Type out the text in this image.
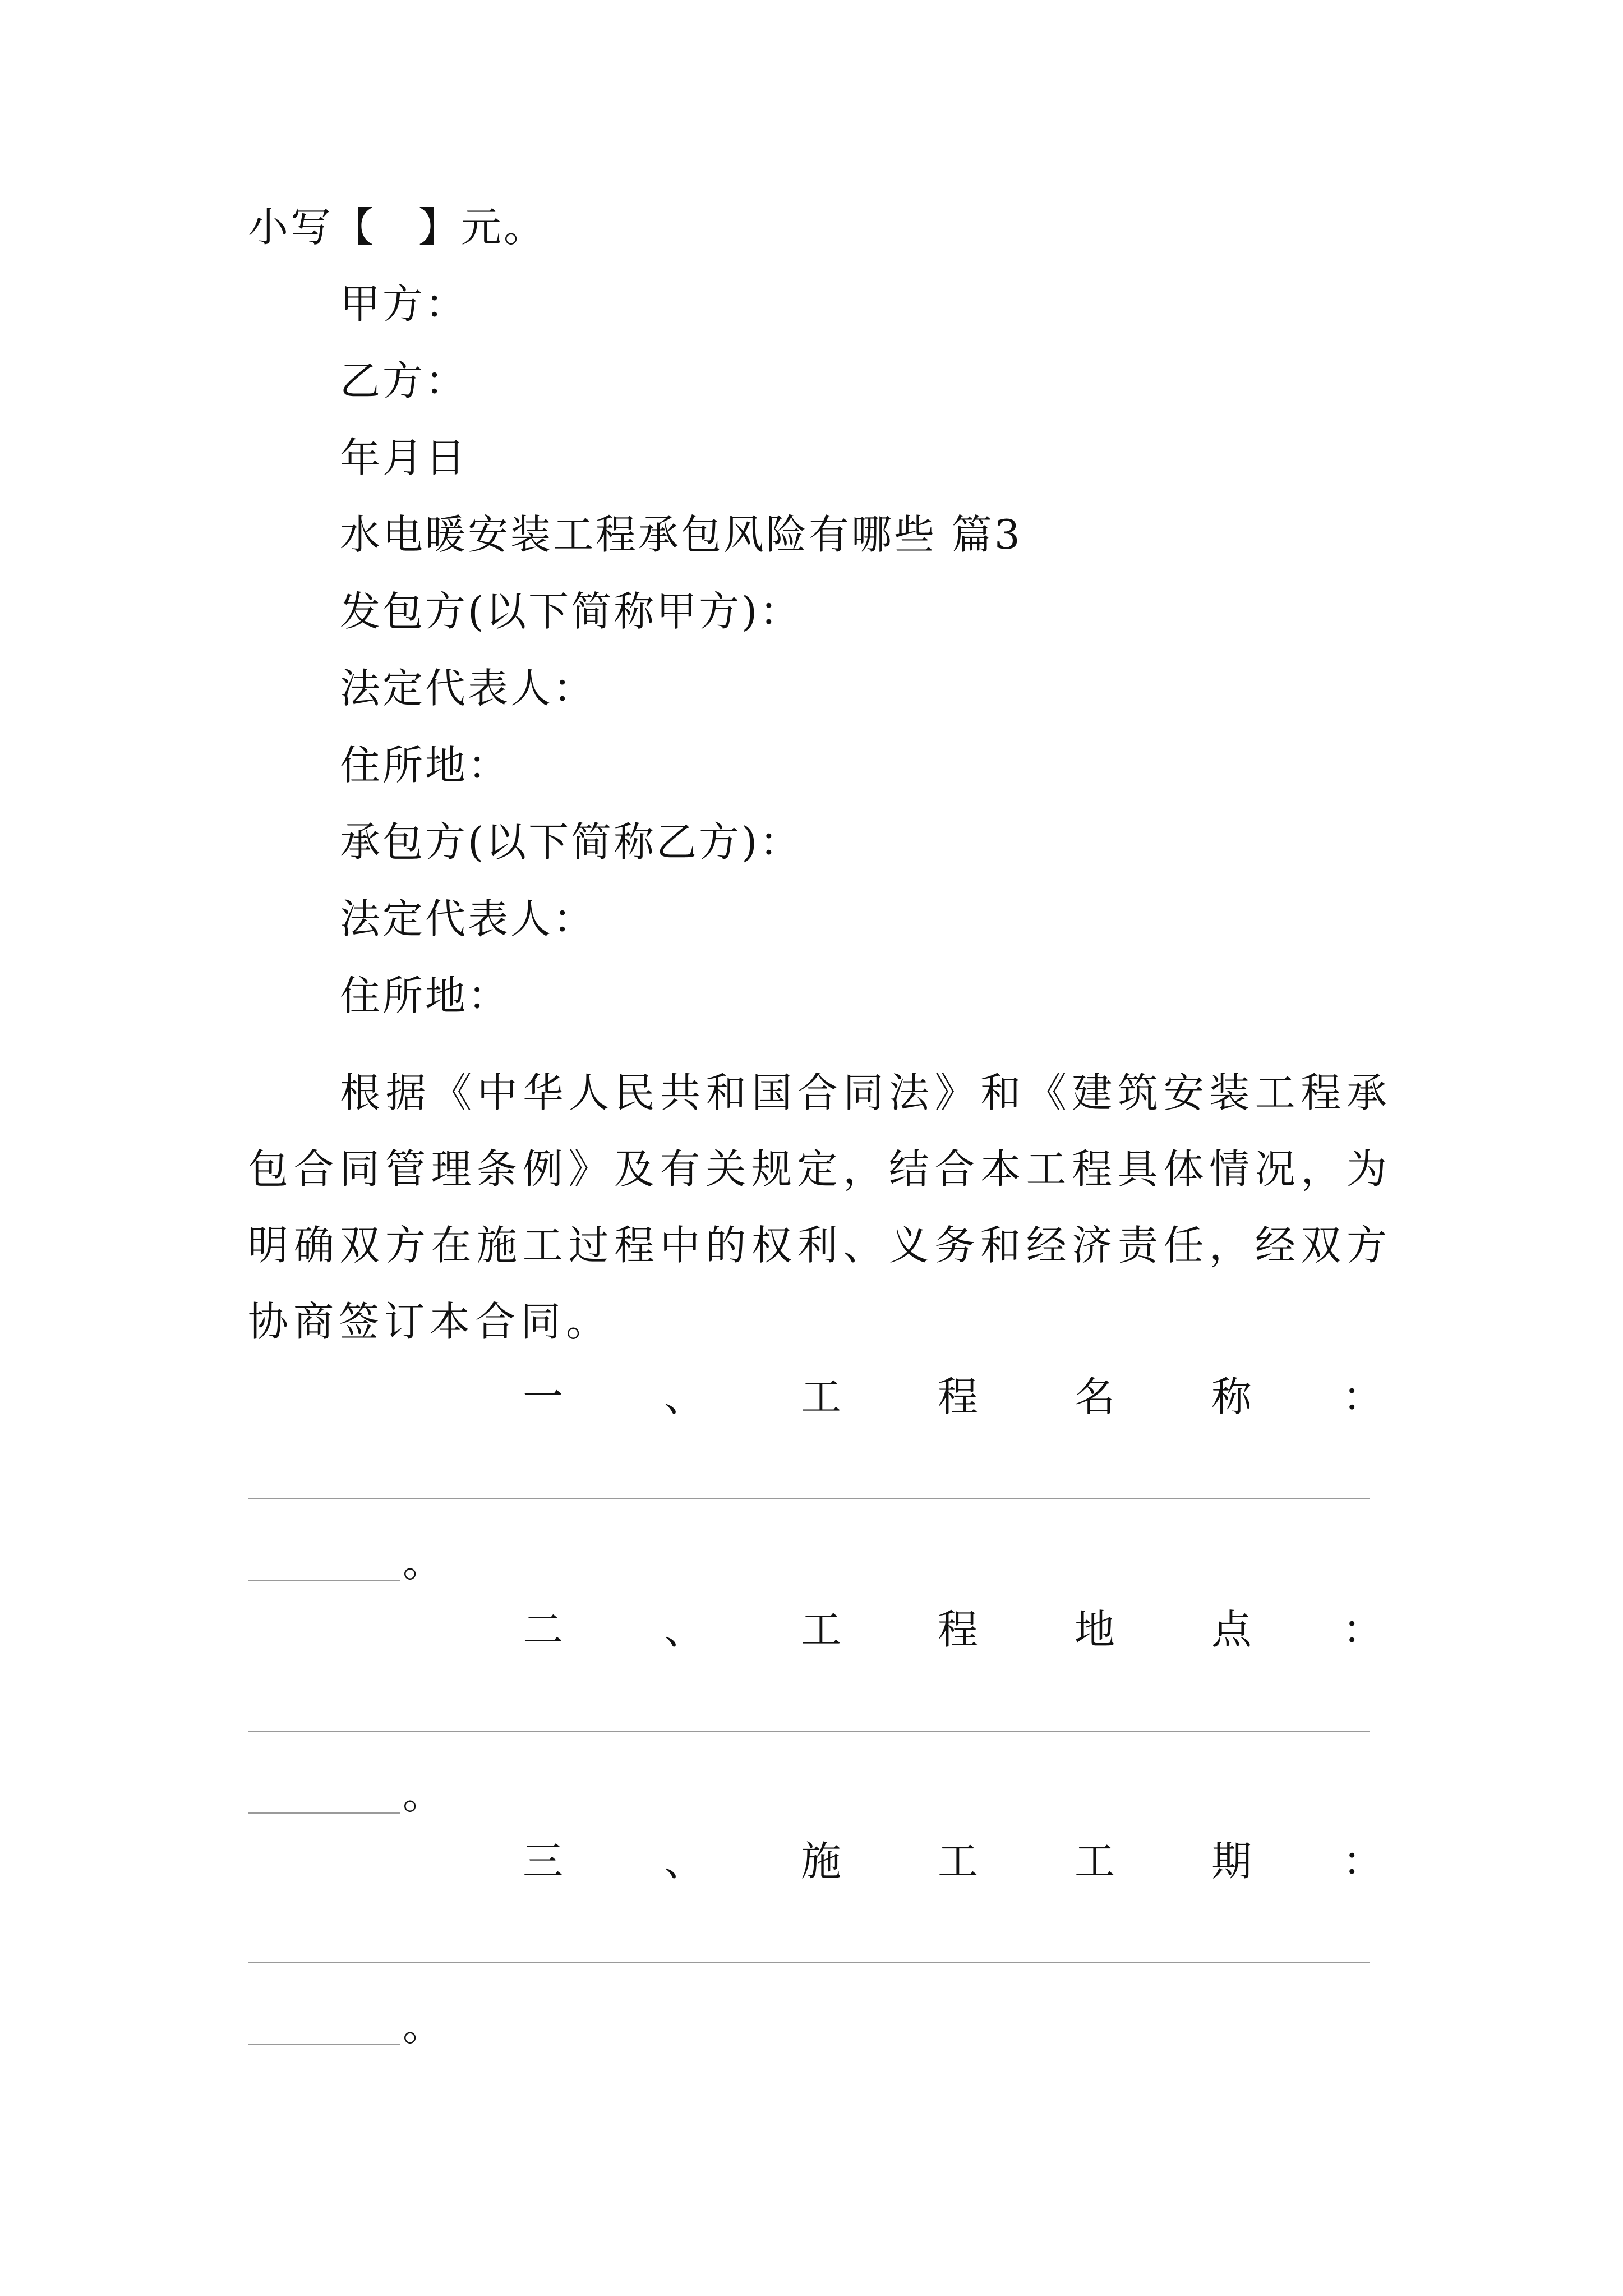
小写【　】元。
甲方：
乙方：
年月日
水电暖安装工程承包风险有哪些 篇3
发包方(以下简称甲方)：
法定代表人：
住所地：
承包方(以下简称乙方)：
法定代表人：
住所地：
根据《中华人民共和国合同法》和《建筑安装工程承包合同管理条例》及有关规定，结合本工程具体情况，为明确双方在施工过程中的权利、义务和经济责任，经双方协商签订本合同。
一 、 工 程 名 称 ：
。
二 、 工 程 地 点 ：
。
三 、 施 工 工 期 ：
。
